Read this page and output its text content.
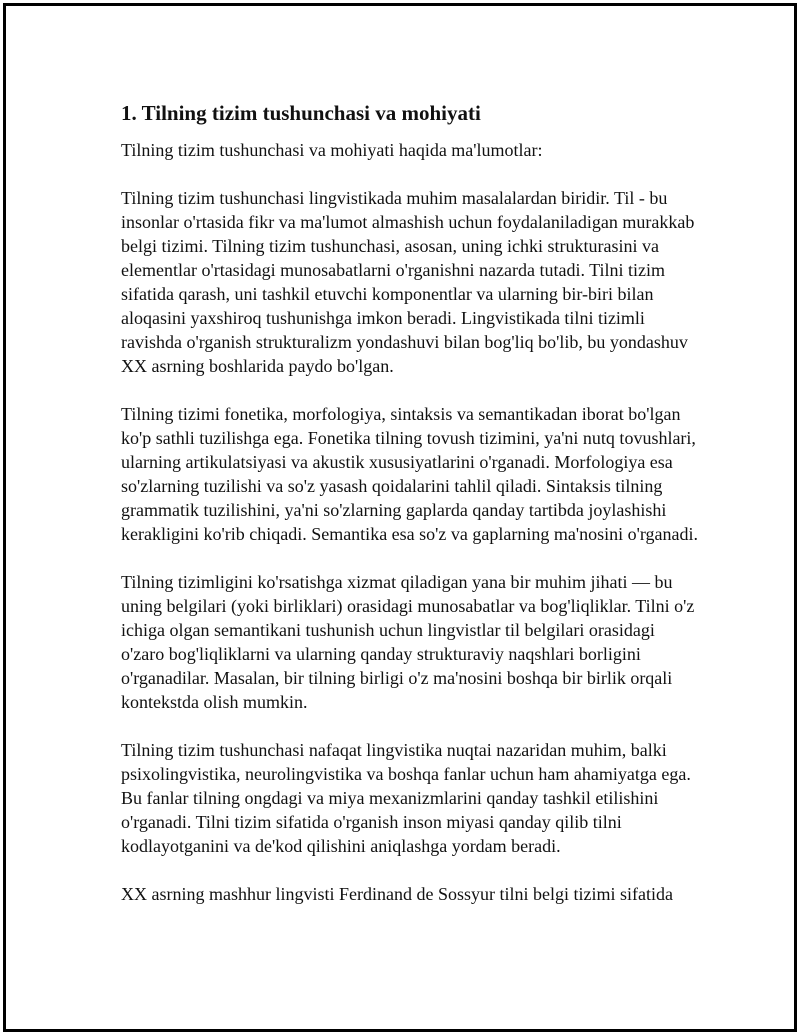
1. Tilning tizim tushunchasi va mohiyati

Tilning tizim tushunchasi va mohiyati haqida ma'lumotlar:

Tilning tizim tushunchasi lingvistikada muhim masalalardan biridir. Til - bu insonlar o'rtasida fikr va ma'lumot almashish uchun foydalaniladigan murakkab belgi tizimi. Tilning tizim tushunchasi, asosan, uning ichki strukturasini va elementlar o'rtasidagi munosabatlarni o'rganishni nazarda tutadi. Tilni tizim sifatida qarash, uni tashkil etuvchi komponentlar va ularning bir-biri bilan aloqasini yaxshiroq tushunishga imkon beradi. Lingvistikada tilni tizimli ravishda o'rganish strukturalizm yondashuvi bilan bog'liq bo'lib, bu yondashuv XX asrning boshlarida paydo bo'lgan.

Tilning tizimi fonetika, morfologiya, sintaksis va semantikadan iborat bo'lgan ko'p sathli tuzilishga ega. Fonetika tilning tovush tizimini, ya'ni nutq tovushlari, ularning artikulatsiyasi va akustik xususiyatlarini o'rganadi. Morfologiya esa so'zlarning tuzilishi va so'z yasash qoidalarini tahlil qiladi. Sintaksis tilning grammatik tuzilishini, ya'ni so'zlarning gaplarda qanday tartibda joylashishi kerakligini ko'rib chiqadi. Semantika esa so'z va gaplarning ma'nosini o'rganadi.

Tilning tizimligini ko'rsatishga xizmat qiladigan yana bir muhim jihati — bu uning belgilari (yoki birliklari) orasidagi munosabatlar va bog'liqliklar. Tilni o'z ichiga olgan semantikani tushunish uchun lingvistlar til belgilari orasidagi o'zaro bog'liqliklarni va ularning qanday strukturaviy naqshlari borligini o'rganadilar. Masalan, bir tilning birligi o'z ma'nosini boshqa bir birlik orqali kontekstda olish mumkin.

Tilning tizim tushunchasi nafaqat lingvistika nuqtai nazaridan muhim, balki psixolingvistika, neurolingvistika va boshqa fanlar uchun ham ahamiyatga ega. Bu fanlar tilning ongdagi va miya mexanizmlarini qanday tashkil etilishini o'rganadi. Tilni tizim sifatida o'rganish inson miyasi qanday qilib tilni kodlayotganini va de'kod qilishini aniqlashga yordam beradi.

XX asrning mashhur lingvisti Ferdinand de Sossyur tilni belgi tizimi sifatida
